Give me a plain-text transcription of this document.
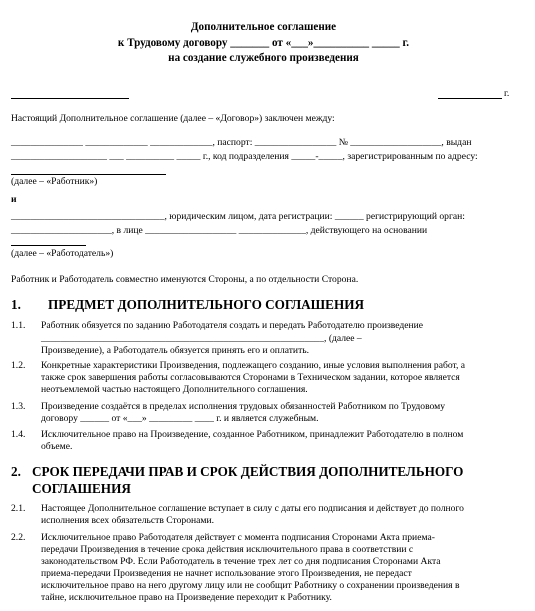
Дополнительное соглашение
к Трудовому договору _______ от «___»__________ _____ г.
на создание служебного произведения
г.
Настоящий Дополнительное соглашение (далее – «Договор») заключен между:
_______________ _____________ _____________, паспорт: _________________ № ___________________, выдан
____________________ ___ __________ _____ г., код подразделения _____-_____, зарегистрированным по адресу:
(далее – «Работник»)
и
________________________________, юридическим лицом, дата регистрации: ______ регистрирующий орган:
_____________________, в лице ___________________ ______________, действующего на основании
(далее – «Работодатель»)
Работник и Работодатель совместно именуются Стороны, а по отдельности Сторона.
1. ПРЕДМЕТ ДОПОЛНИТЕЛЬНОГО СОГЛАШЕНИЯ
1.1. Работник обязуется по заданию Работодателя создать и передать Работодателю произведение
___________________________________________________________, (далее –
Произведение), а Работодатель обязуется принять его и оплатить.
1.2. Конкретные характеристики Произведения, подлежащего созданию, иные условия выполнения работ, а
также срок завершения работы согласовываются Сторонами в Техническом задании, которое является
неотъемлемой частью настоящего Дополнительного соглашения.
1.3. Произведение создаётся в пределах исполнения трудовых обязанностей Работником по Трудовому
договору ______ от «___» _________ ____ г. и является служебным.
1.4. Исключительное право на Произведение, созданное Работником, принадлежит Работодателю в полном
объеме.
2. СРОК ПЕРЕДАЧИ ПРАВ И СРОК ДЕЙСТВИЯ ДОПОЛНИТЕЛЬНОГО
СОГЛАШЕНИЯ
2.1. Настоящее Дополнительное соглашение вступает в силу с даты его подписания и действует до полного
исполнения всех обязательств Сторонами.
2.2. Исключительное право Работодателя действует с момента подписания Сторонами Акта приема-
передачи Произведения в течение срока действия исключительного права в соответствии с
законодательством РФ. Если Работодатель в течение трех лет со дня подписания Сторонами Акта
приема-передачи Произведения не начнет использование этого Произведения, не передаст
исключительное право на него другому лицу или не сообщит Работнику о сохранении произведения в
тайне, исключительное право на Произведение переходит к Работнику.
